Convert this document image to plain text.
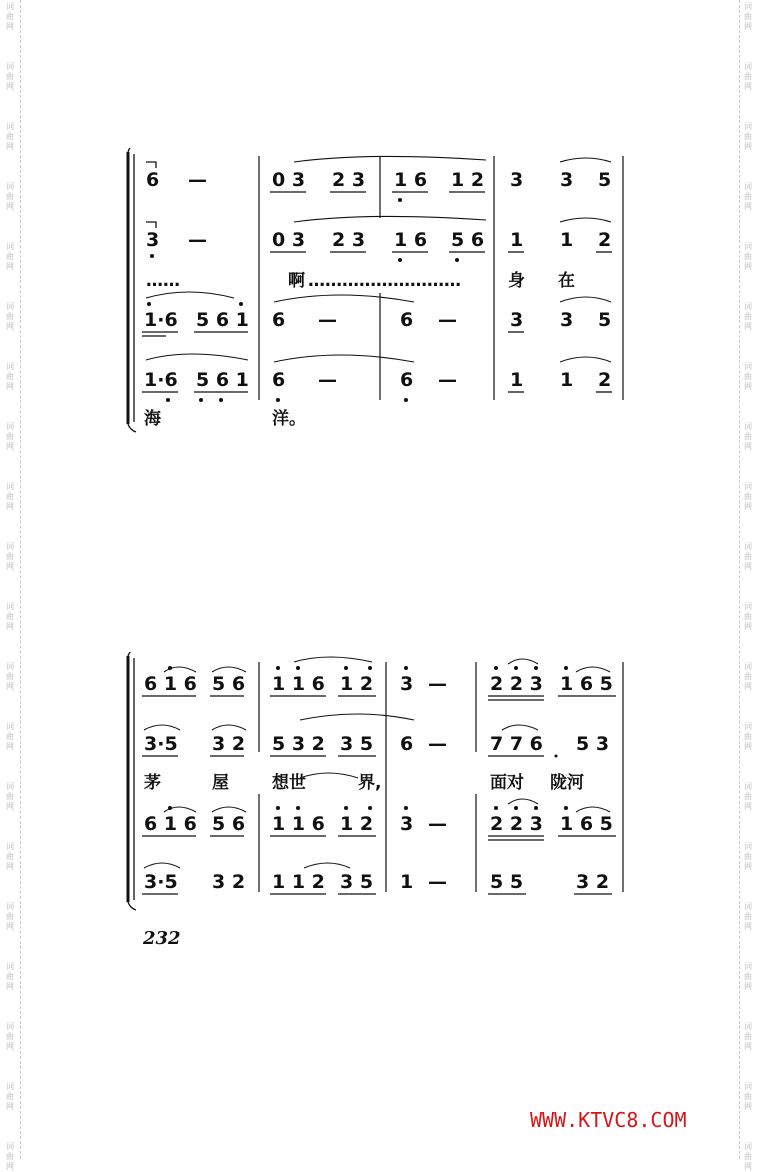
词
曲
网
词
曲
网
词
曲
网
词
曲
网
词
曲
网
词
曲
网
词
曲
网
词
曲
网
词
曲
网
词
曲
网
词
曲
网
词
曲
网
词
曲
网
词
曲
网
词
曲
网
词
曲
网
词
曲
网
词
曲
网
词
曲
网
词
曲
网
词
曲
网
词
曲
网
词
曲
网
词
曲
网
词
曲
网
词
曲
网
词
曲
网
词
曲
网
词
曲
网
词
曲
网
词
曲
网
词
曲
网
词
曲
网
词
曲
网
词
曲
网
词
曲
网
词
曲
网
词
曲
网
词
曲
网
词
曲
网
6 —	0 3 2 3 1 6 1 2 3 3 5
3 —	0 3 2 3 1 6 5 6 1 1 2
……	啊 ………………………	身 在
1·6 5 6 1 6 —	6 —	3 3 5
1·6 5 6 1 6 —	6 —	1 1 2
海	洋。
6 1 6 5 6 1 1 6 1 2 3 — 2 2 3 1 6 5
3·5 3 2 5 3 2 3 5 6 — 7 7 6 5 3
茅	屋	想世	界,	面对 陇河
6 1 6 5 6 1 1 6 1 2 3 — 2 2 3 1 6 5
3·5 3 2 1 1 2 3 5 1 — 5 5	3 2
232
WWW.KTVC8.COM
